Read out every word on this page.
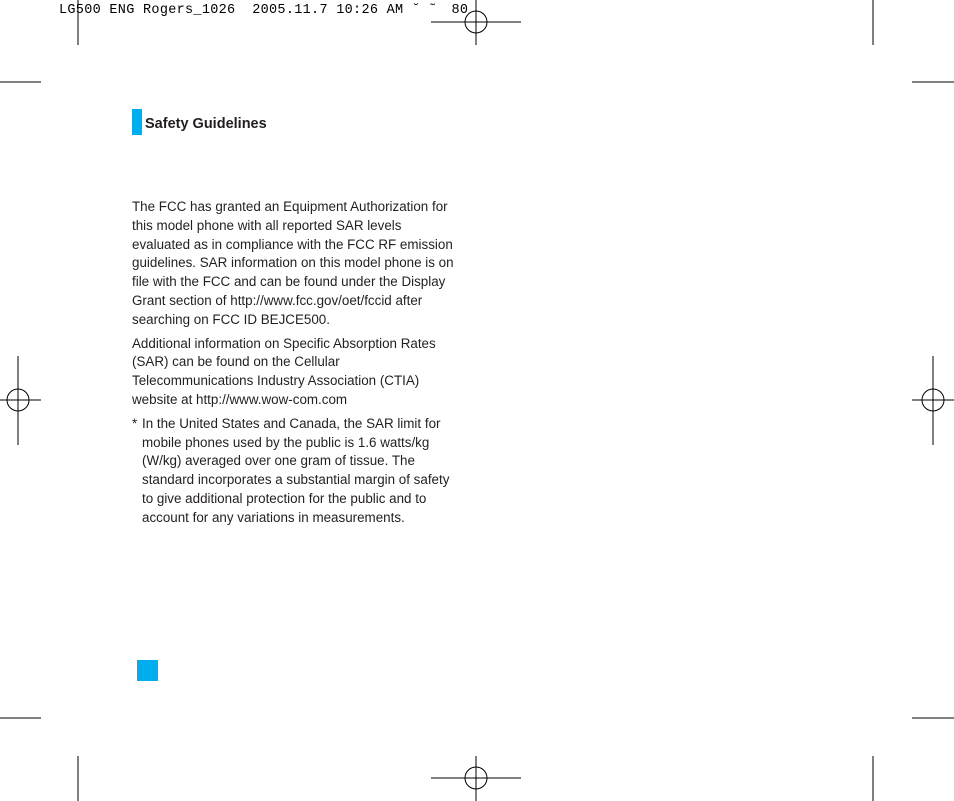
LG500 ENG Rogers_1026  2005.11.7 10:26 AM ˘ ˜ 80
Safety Guidelines

The FCC has granted an Equipment Authorization for this model phone with all reported SAR levels evaluated as in compliance with the FCC RF emission guidelines. SAR information on this model phone is on file with the FCC and can be found under the Display Grant section of http://www.fcc.gov/oet/fccid after searching on FCC ID BEJCE500.

Additional information on Specific Absorption Rates (SAR) can be found on the Cellular Telecommunications Industry Association (CTIA) website at http://www.wow-com.com

* In the United States and Canada, the SAR limit for mobile phones used by the public is 1.6 watts/kg (W/kg) averaged over one gram of tissue. The standard incorporates a substantial margin of safety to give additional protection for the public and to account for any variations in measurements.
